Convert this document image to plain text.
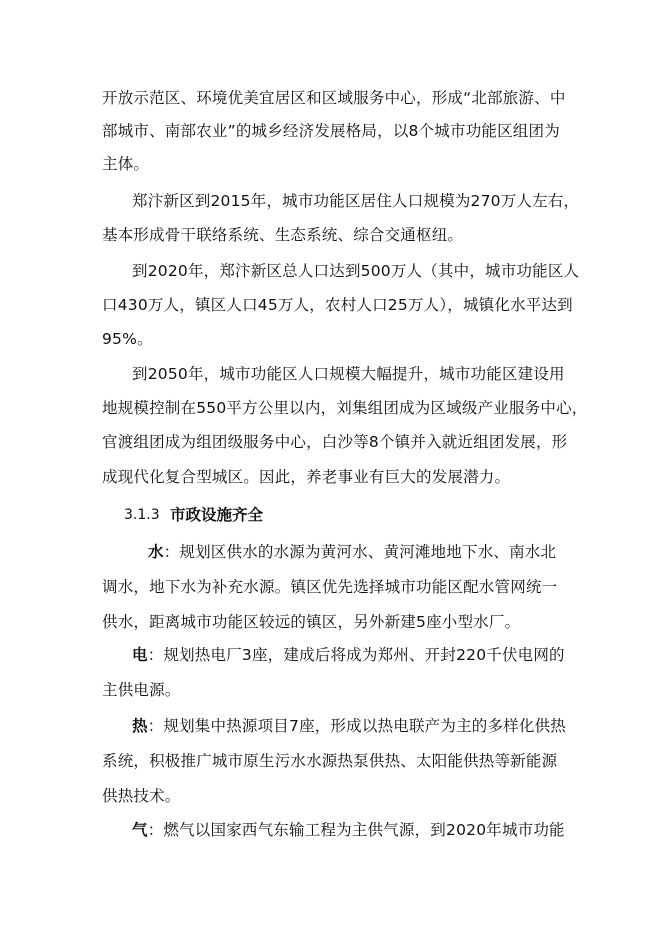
开放示范区、环境优美宜居区和区域服务中心，形成“北部旅游、中
部城市、南部农业”的城乡经济发展格局，以8个城市功能区组团为
主体。
郑汴新区到2015年，城市功能区居住人口规模为270万人左右，
基本形成骨干联络系统、生态系统、综合交通枢纽。
到2020年，郑汴新区总人口达到500万人（其中，城市功能区人
口430万人，镇区人口45万人，农村人口25万人），城镇化水平达到
95%。
到2050年，城市功能区人口规模大幅提升，城市功能区建设用
地规模控制在550平方公里以内，刘集组团成为区域级产业服务中心，
官渡组团成为组团级服务中心，白沙等8个镇并入就近组团发展，形
成现代化复合型城区。因此，养老事业有巨大的发展潜力。
3.1.3 市政设施齐全
水：规划区供水的水源为黄河水、黄河滩地地下水、南水北
调水，地下水为补充水源。镇区优先选择城市功能区配水管网统一
供水，距离城市功能区较远的镇区，另外新建5座小型水厂。
电：规划热电厂3座，建成后将成为郑州、开封220千伏电网的
主供电源。
热：规划集中热源项目7座，形成以热电联产为主的多样化供热
系统，积极推广城市原生污水水源热泵供热、太阳能供热等新能源
供热技术。
气：燃气以国家西气东输工程为主供气源，到2020年城市功能
